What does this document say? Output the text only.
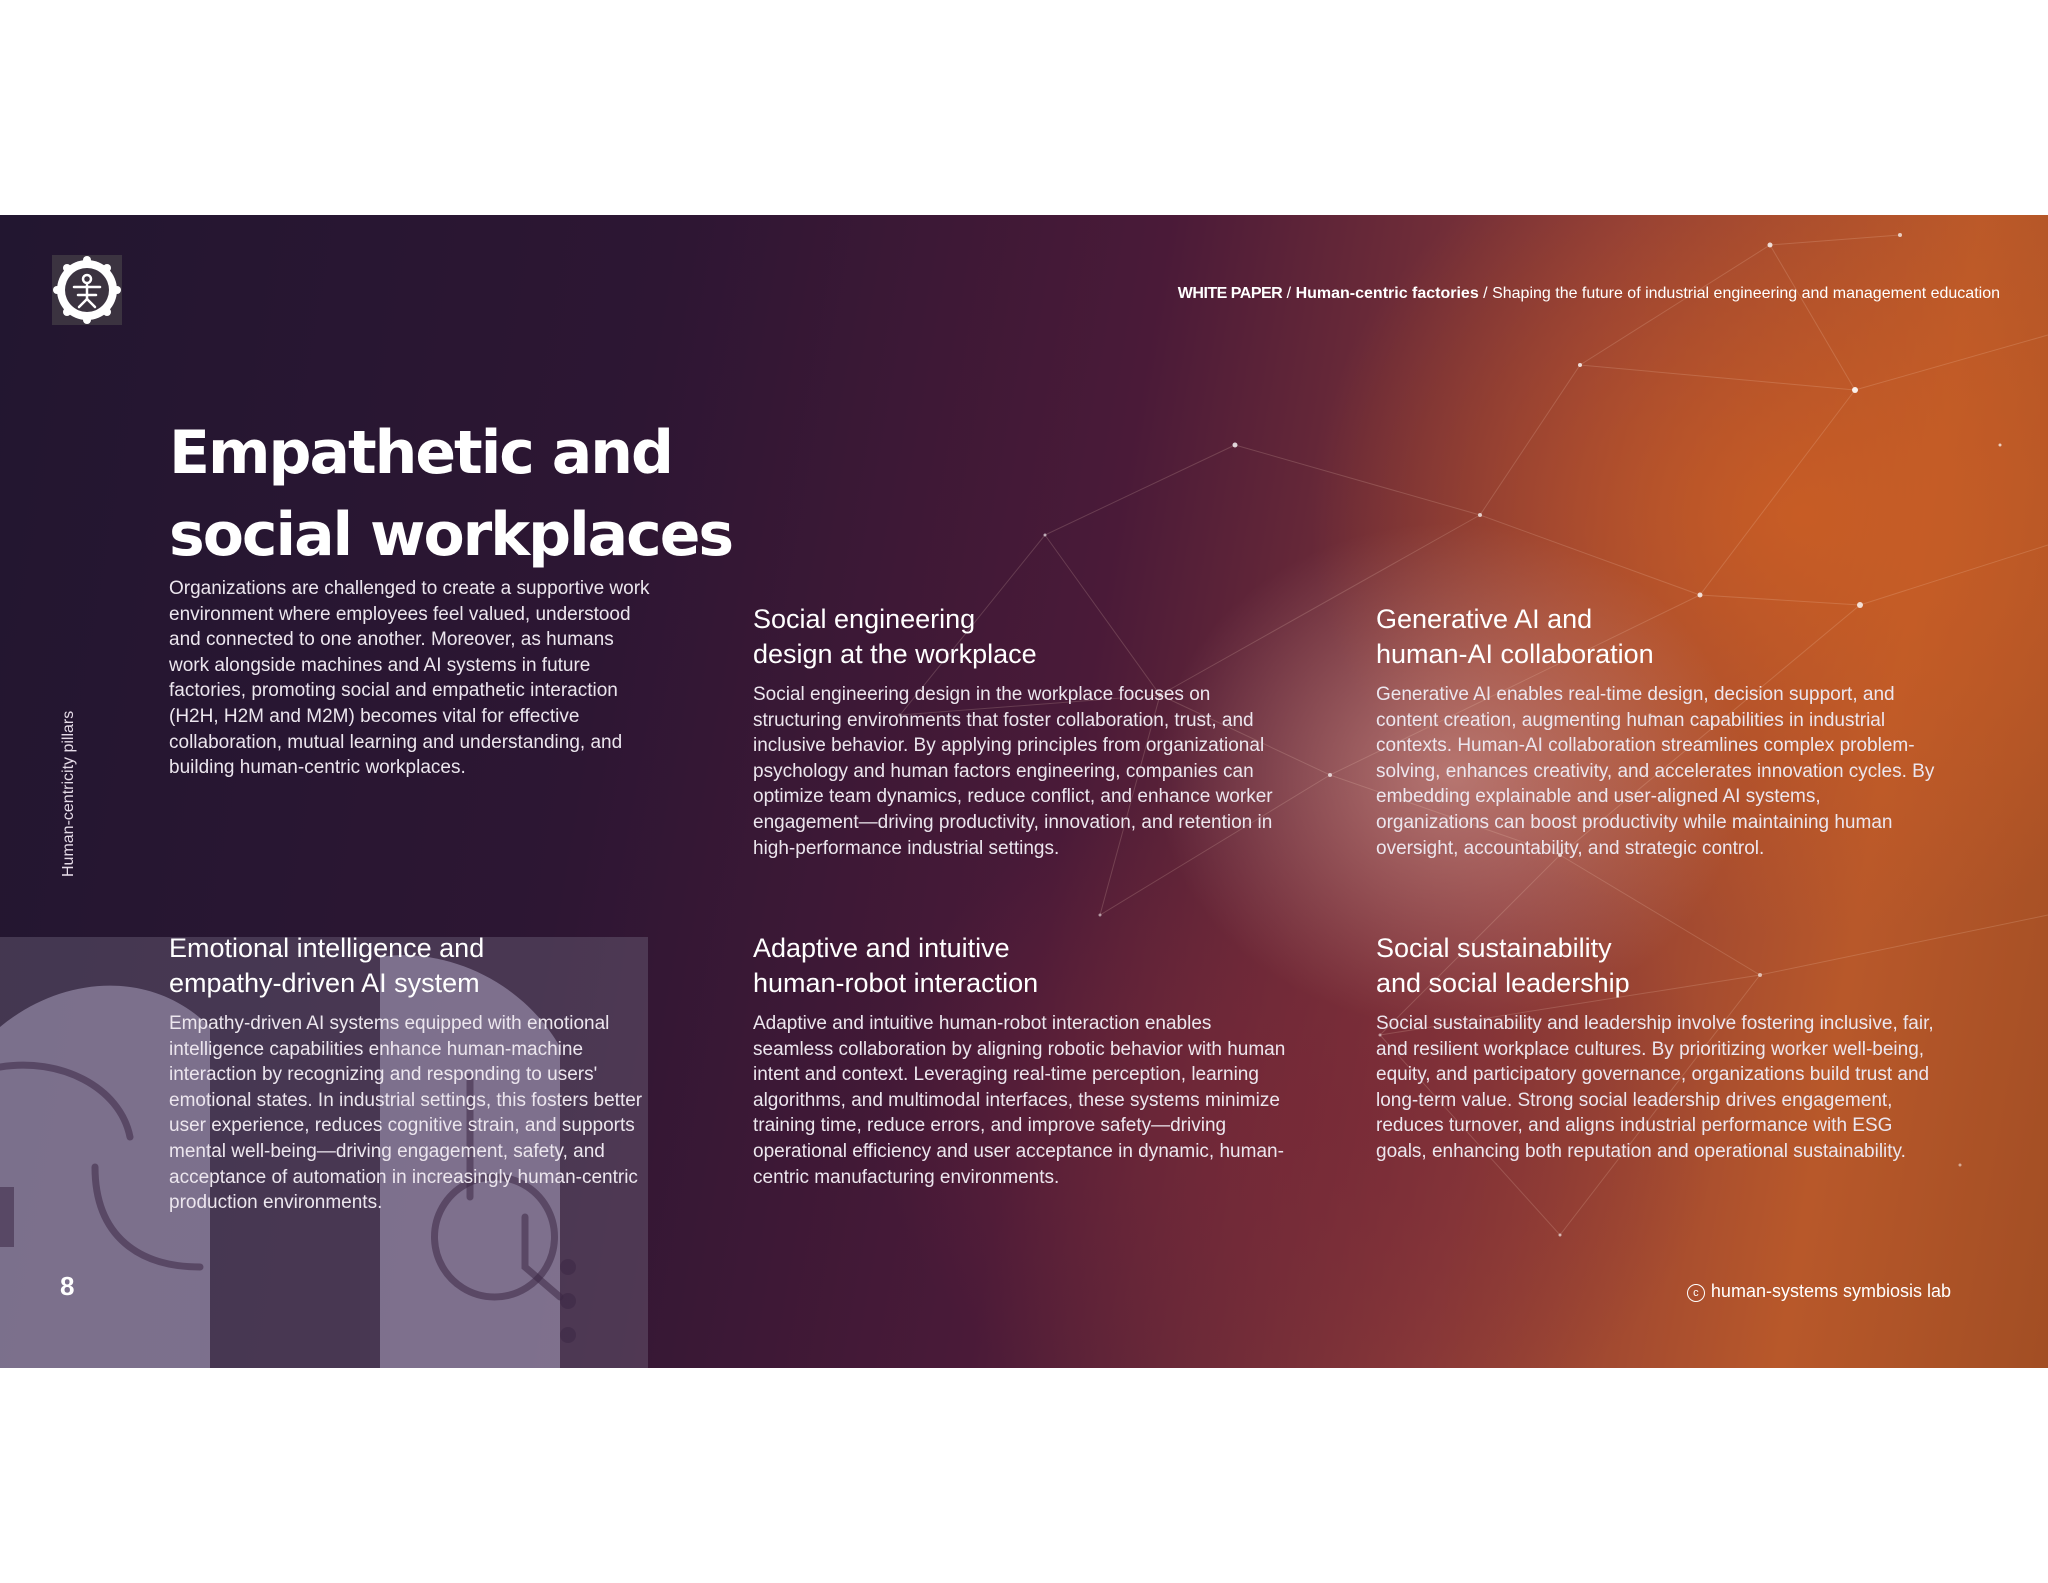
WHITE PAPER / Human-centric factories / Shaping the future of industrial engineering and management education
Human-centricity pillars
Empathetic and
social workplaces

Organizations are challenged to create a supportive work environment where employees feel valued, understood and connected to one another. Moreover, as humans work alongside machines and AI systems in future factories, promoting social and empathetic interaction (H2H, H2M and M2M) becomes vital for effective collaboration, mutual learning and understanding, and building human-centric workplaces.

Social engineering
design at the workplace

Social engineering design in the workplace focuses on structuring environments that foster collaboration, trust, and inclusive behavior. By applying principles from organizational psychology and human factors engineering, companies can optimize team dynamics, reduce conflict, and enhance worker engagement—driving productivity, innovation, and retention in high-performance industrial settings.

Generative AI and
human-AI collaboration

Generative AI enables real-time design, decision support, and content creation, augmenting human capabilities in industrial contexts. Human-AI collaboration streamlines complex problem-solving, enhances creativity, and accelerates innovation cycles. By embedding explainable and user-aligned AI systems, organizations can boost productivity while maintaining human oversight, accountability, and strategic control.

Emotional intelligence and
empathy-driven AI system

Empathy-driven AI systems equipped with emotional intelligence capabilities enhance human-machine interaction by recognizing and responding to users' emotional states. In industrial settings, this fosters better user experience, reduces cognitive strain, and supports mental well-being—driving engagement, safety, and acceptance of automation in increasingly human-centric production environments.

Adaptive and intuitive
human-robot interaction

Adaptive and intuitive human-robot interaction enables seamless collaboration by aligning robotic behavior with human intent and context. Leveraging real-time perception, learning algorithms, and multimodal interfaces, these systems minimize training time, reduce errors, and improve safety—driving operational efficiency and user acceptance in dynamic, human-centric manufacturing environments.

Social sustainability
and social leadership

Social sustainability and leadership involve fostering inclusive, fair, and resilient workplace cultures. By prioritizing worker well-being, equity, and participatory governance, organizations build trust and long-term value. Strong social leadership drives engagement, reduces turnover, and aligns industrial performance with ESG goals, enhancing both reputation and operational sustainability.

8	c human-systems symbiosis lab
